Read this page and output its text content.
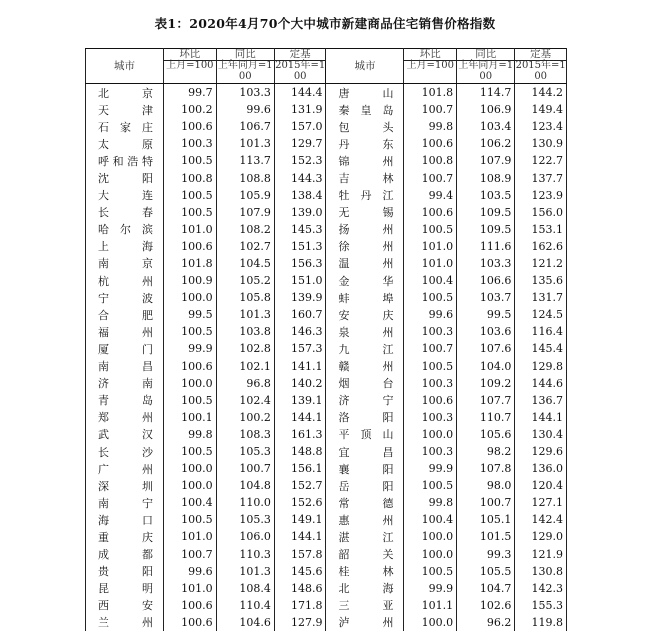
表1：2020年4月70个大中城市新建商品住宅销售价格指数
城市	环比	同比	定基	城市	环比	同比	定基
	上月=100	上年同月=100	2015年=100		上月=100	上年同月=100	2015年=100
北京	99.7	103.3	144.4	唐山	101.8	114.7	144.2
天津	100.2	99.6	131.9	秦皇岛	100.7	106.9	149.4
石家庄	100.6	106.7	157.0	包头	99.8	103.4	123.4
太原	100.3	101.3	129.7	丹东	100.6	106.2	130.9
呼和浩特	100.5	113.7	152.3	锦州	100.8	107.9	122.7
沈阳	100.8	108.8	144.3	吉林	100.7	108.9	137.7
大连	100.5	105.9	138.4	牡丹江	99.4	103.5	123.9
长春	100.5	107.9	139.0	无锡	100.6	109.5	156.0
哈尔滨	101.0	108.2	145.3	扬州	100.5	109.5	153.1
上海	100.6	102.7	151.3	徐州	101.0	111.6	162.6
南京	101.8	104.5	156.3	温州	101.0	103.3	121.2
杭州	100.9	105.2	151.0	金华	100.4	106.6	135.6
宁波	100.0	105.8	139.9	蚌埠	100.5	103.7	131.7
合肥	99.5	101.3	160.7	安庆	99.6	99.5	124.5
福州	100.5	103.8	146.3	泉州	100.3	103.6	116.4
厦门	99.9	102.8	157.3	九江	100.7	107.6	145.4
南昌	100.6	102.1	141.1	赣州	100.5	104.0	129.8
济南	100.0	96.8	140.2	烟台	100.3	109.2	144.6
青岛	100.5	102.4	139.1	济宁	100.6	107.7	136.7
郑州	100.1	100.2	144.1	洛阳	100.3	110.7	144.1
武汉	99.8	108.3	161.3	平顶山	100.0	105.6	130.4
长沙	100.5	105.3	148.8	宜昌	100.3	98.2	129.6
广州	100.0	100.7	156.1	襄阳	99.9	107.8	136.0
深圳	100.0	104.8	152.7	岳阳	100.5	98.0	120.4
南宁	100.4	110.0	152.6	常德	99.8	100.7	127.1
海口	100.5	105.3	149.1	惠州	100.4	105.1	142.4
重庆	101.0	106.0	144.1	湛江	100.0	101.5	129.0
成都	100.7	110.3	157.8	韶关	100.0	99.3	121.9
贵阳	99.6	101.3	145.6	桂林	100.5	105.5	130.8
昆明	101.0	108.4	148.6	北海	99.9	104.7	142.3
西安	100.6	110.4	171.8	三亚	101.1	102.6	155.3
兰州	100.6	104.6	127.9	泸州	100.0	96.2	119.8
